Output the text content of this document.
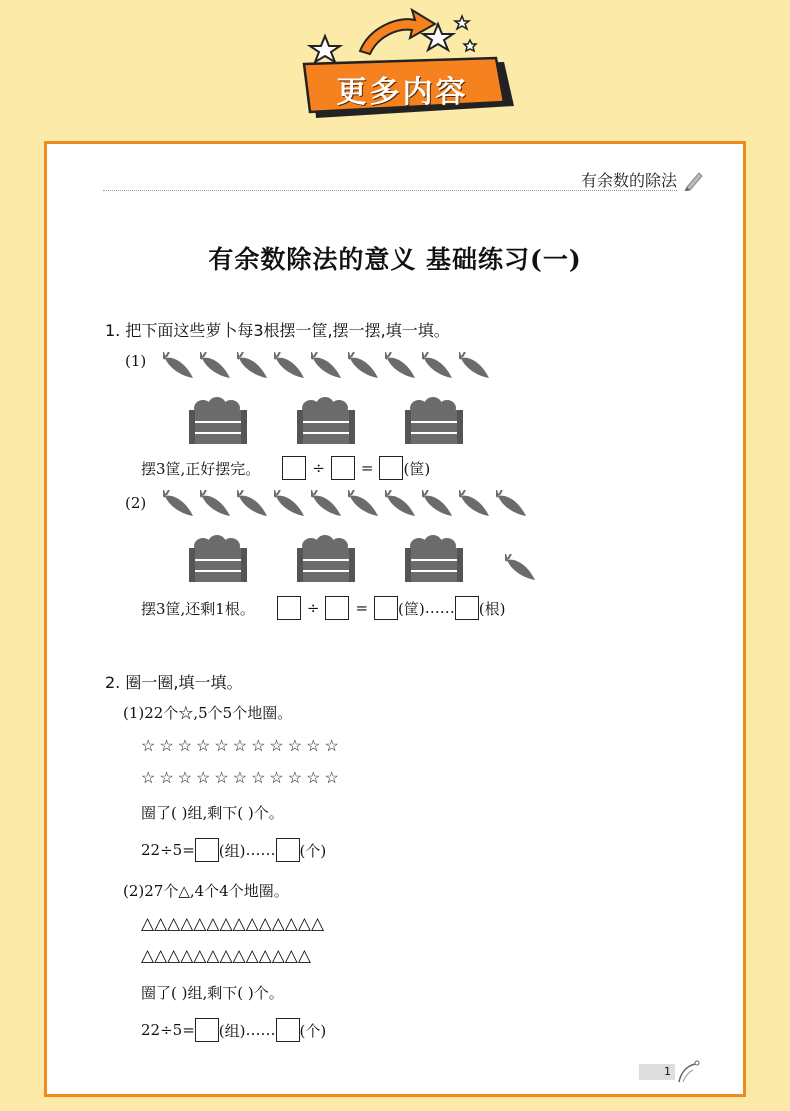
更多内容
有余数的除法
有余数除法的意义 基础练习(一)
1. 把下面这些萝卜每3根摆一筐,摆一摆,填一填。
(1)
摆3筐,正好摆完。	÷ = (筐)
(2)
摆3筐,还剩1根。	÷ = (筐) …… (根)
2. 圈一圈,填一填。
(1)22个☆,5个5个地圈。
☆☆☆☆☆☆☆☆☆☆☆
☆☆☆☆☆☆☆☆☆☆☆
圈了( )组,剩下( )个。
22÷5= (组) …… (个)
(2)27个△,4个4个地圈。
△△△△△△△△△△△△△△
△△△△△△△△△△△△△
圈了( )组,剩下( )个。
22÷5= (组) …… (个)
1
